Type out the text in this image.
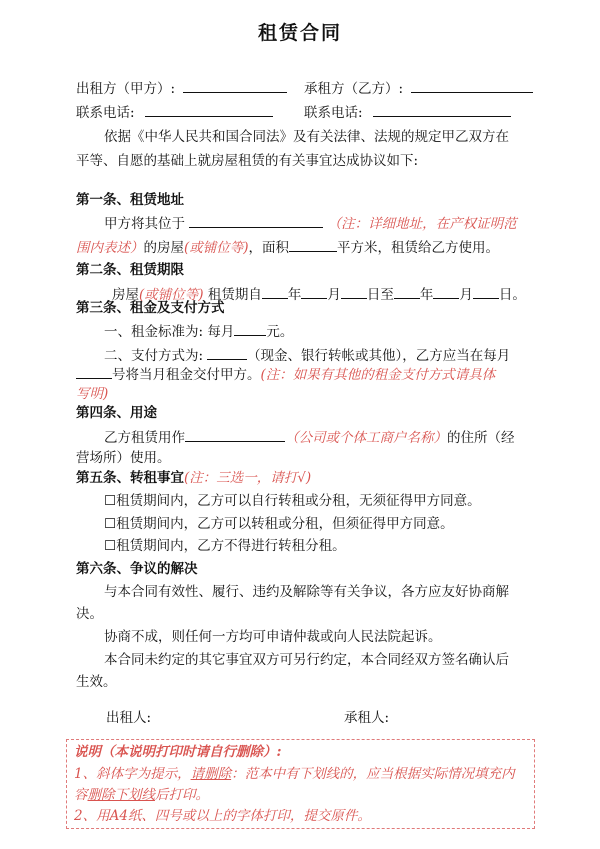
租赁合同
出租方（甲方）:	承租方（乙方）:
联系电话:	联系电话:
依据《中华人民共和国合同法》及有关法律、法规的规定甲乙双方在
平等、自愿的基础上就房屋租赁的有关事宜达成协议如下:
第一条、租赁地址
甲方将其位于	（注：详细地址，在产权证明范
围内表述）的房屋(或铺位等)，面积	平方米，租赁给乙方使用。
第二条、租赁期限
房屋(或铺位等) 租赁期自 年 月 日至 年 月 日。
第三条、租金及支付方式
一、租金标准为: 每月 元。
二、支付方式为:	（现金、银行转帐或其他），乙方应当在每月
号将当月租金交付甲方。(注：如果有其他的租金支付方式请具体
写明)
第四条、用途
乙方租赁用作	（公司或个体工商户名称）的住所（经
营场所）使用。
第五条、转租事宜(注：三选一，请打√)
☐租赁期间内，乙方可以自行转租或分租，无须征得甲方同意。
☐租赁期间内，乙方可以转租或分租，但须征得甲方同意。
☐租赁期间内，乙方不得进行转租分租。
第六条、争议的解决
与本合同有效性、履行、违约及解除等有关争议，各方应友好协商解
决。
协商不成，则任何一方均可申请仲裁或向人民法院起诉。
本合同未约定的其它事宜双方可另行约定，本合同经双方签名确认后
生效。
出租人:	承租人:
说明（本说明打印时请自行删除）:
1、斜体字为提示，请删除：范本中有下划线的，应当根据实际情况填充内
容删除下划线后打印。
2、用A4纸、四号或以上的字体打印，提交原件。
